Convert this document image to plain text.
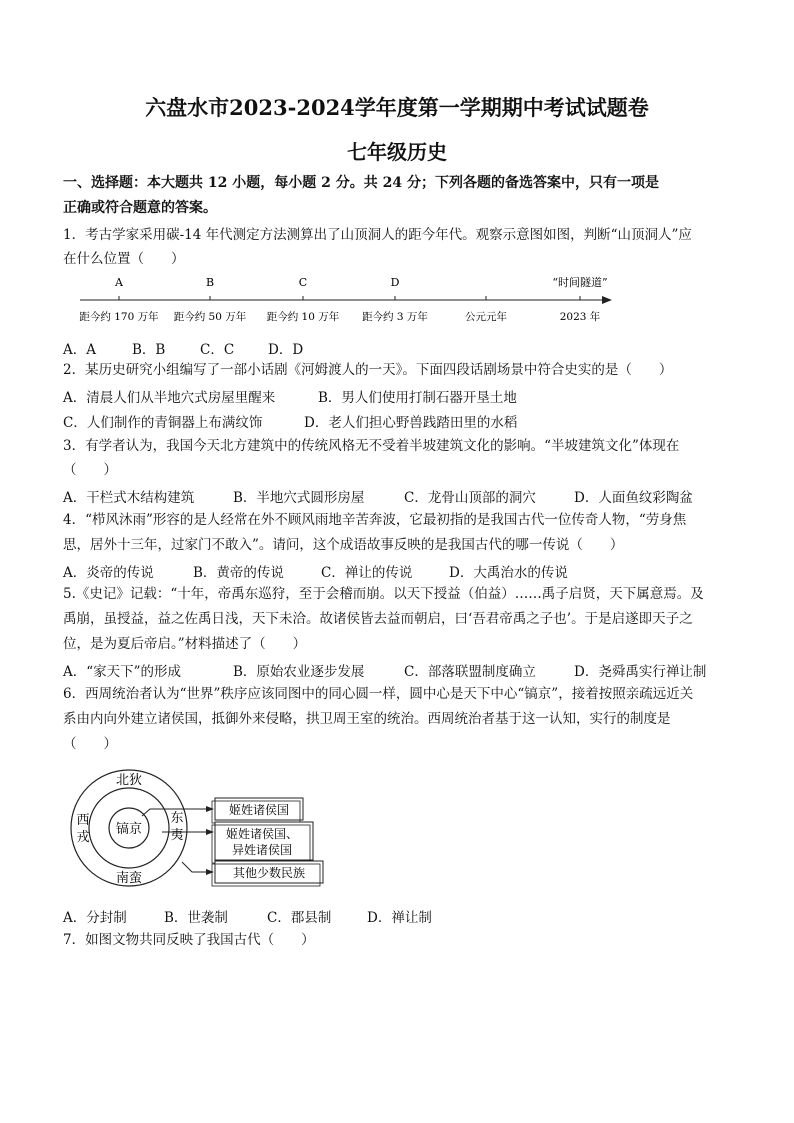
六盘水市2023-2024学年度第一学期期中考试试题卷
七年级历史
一、选择题：本大题共 12 小题，每小题 2 分。共 24 分；下列各题的备选答案中，只有一项是
正确或符合题意的答案。
1．考古学家采用碳-14 年代测定方法测算出了山顶洞人的距今年代。观察示意图如图，判断“山顶洞人”应
在什么位置（　　）
A	B	C	D	“时间隧道”
距今约 170 万年 距今约 50 万年 距今约 10 万年 距今约 3 万年	公元元年	2023 年
A．A	B．B	C．C	D．D
2．某历史研究小组编写了一部小话剧《河姆渡人的一天》。下面四段话剧场景中符合史实的是（　　）
A．清晨人们从半地穴式房屋里醒来	B．男人们使用打制石器开垦土地
C．人们制作的青铜器上布满纹饰	D．老人们担心野兽践踏田里的水稻
3．有学者认为，我国今天北方建筑中的传统风格无不受着半坡建筑文化的影响。“半坡建筑文化”体现在
（　　）
A．干栏式木结构建筑	B．半地穴式圆形房屋	C．龙骨山顶部的洞穴	D．人面鱼纹彩陶盆
4．“栉风沐雨”形容的是人经常在外不顾风雨地辛苦奔波，它最初指的是我国古代一位传奇人物，“劳身焦
思，居外十三年，过家门不敢入”。请问，这个成语故事反映的是我国古代的哪一传说（　　）
A．炎帝的传说	B．黄帝的传说	C．禅让的传说	D．大禹治水的传说
5.《史记》记载：“十年，帝禹东巡狩，至于会稽而崩。以天下授益（伯益）……禹子启贤，天下属意焉。及
禹崩，虽授益，益之佐禹日浅，天下未洽。故诸侯皆去益而朝启，曰‘吾君帝禹之子也’。于是启遂即天子之
位，是为夏后帝启。”材料描述了（　　）
A．“家天下”的形成	B．原始农业逐步发展	C．部落联盟制度确立	D．尧舜禹实行禅让制
6．西周统治者认为“世界”秩序应该同图中的同心圆一样，圆中心是天下中心“镐京”，接着按照亲疏远近关
系由内向外建立诸侯国，抵御外来侵略，拱卫周王室的统治。西周统治者基于这一认知，实行的制度是
（　　）
北狄
西
戎
镐京
东
夷
南蛮
姬姓诸侯国
姬姓诸侯国、
异姓诸侯国
其他少数民族
A．分封制	B．世袭制	C．郡县制	D．禅让制
7．如图文物共同反映了我国古代（　　）
